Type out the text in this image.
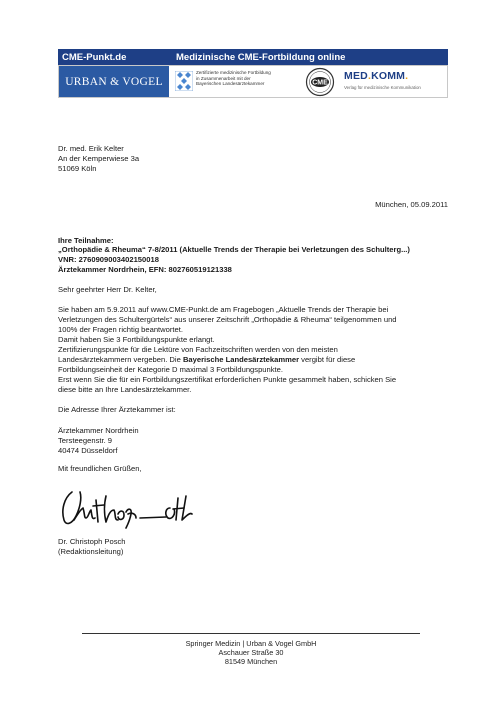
CME-Punkt.de	Medizinische CME-Fortbildung online
URBAN & VOGEL
Zertifizierte medizinische Fortbildung
in Zusammenarbeit mit der
Bayerischen Landesärztekammer	CME
MED.KOMM.
Verlag für medizinische Kommunikation
Dr. med. Erik Kelter
An der Kemperwiese 3a
51069 Köln
München, 05.09.2011
Ihre Teilnahme:
„Orthopädie & Rheuma“ 7-8/2011 (Aktuelle Trends der Therapie bei Verletzungen des Schulterg...)
VNR: 2760909003402150018
Ärztekammer Nordrhein, EFN: 802760519121338
Sehr geehrter Herr Dr. Kelter,
Sie haben am 5.9.2011 auf www.CME-Punkt.de am Fragebogen „Aktuelle Trends der Therapie bei
Verletzungen des Schultergürtels“ aus unserer Zeitschrift „Orthopädie & Rheuma“ teilgenommen und
100% der Fragen richtig beantwortet.
Damit haben Sie 3 Fortbildungspunkte erlangt.
Zertifizierungspunkte für die Lektüre von Fachzeitschriften werden von den meisten
Landesärztekammern vergeben. Die Bayerische Landesärztekammer vergibt für diese
Fortbildungseinheit der Kategorie D maximal 3 Fortbildungspunkte.
Erst wenn Sie die für ein Fortbildungszertifikat erforderlichen Punkte gesammelt haben, schicken Sie
diese bitte an Ihre Landesärztekammer.
Die Adresse Ihrer Ärztekammer ist:
Ärztekammer Nordrhein
Tersteegenstr. 9
40474 Düsseldorf
Mit freundlichen Grüßen,
Dr. Christoph Posch
(Redaktionsleitung)
Springer Medizin | Urban & Vogel GmbH
Aschauer Straße 30
81549 München
